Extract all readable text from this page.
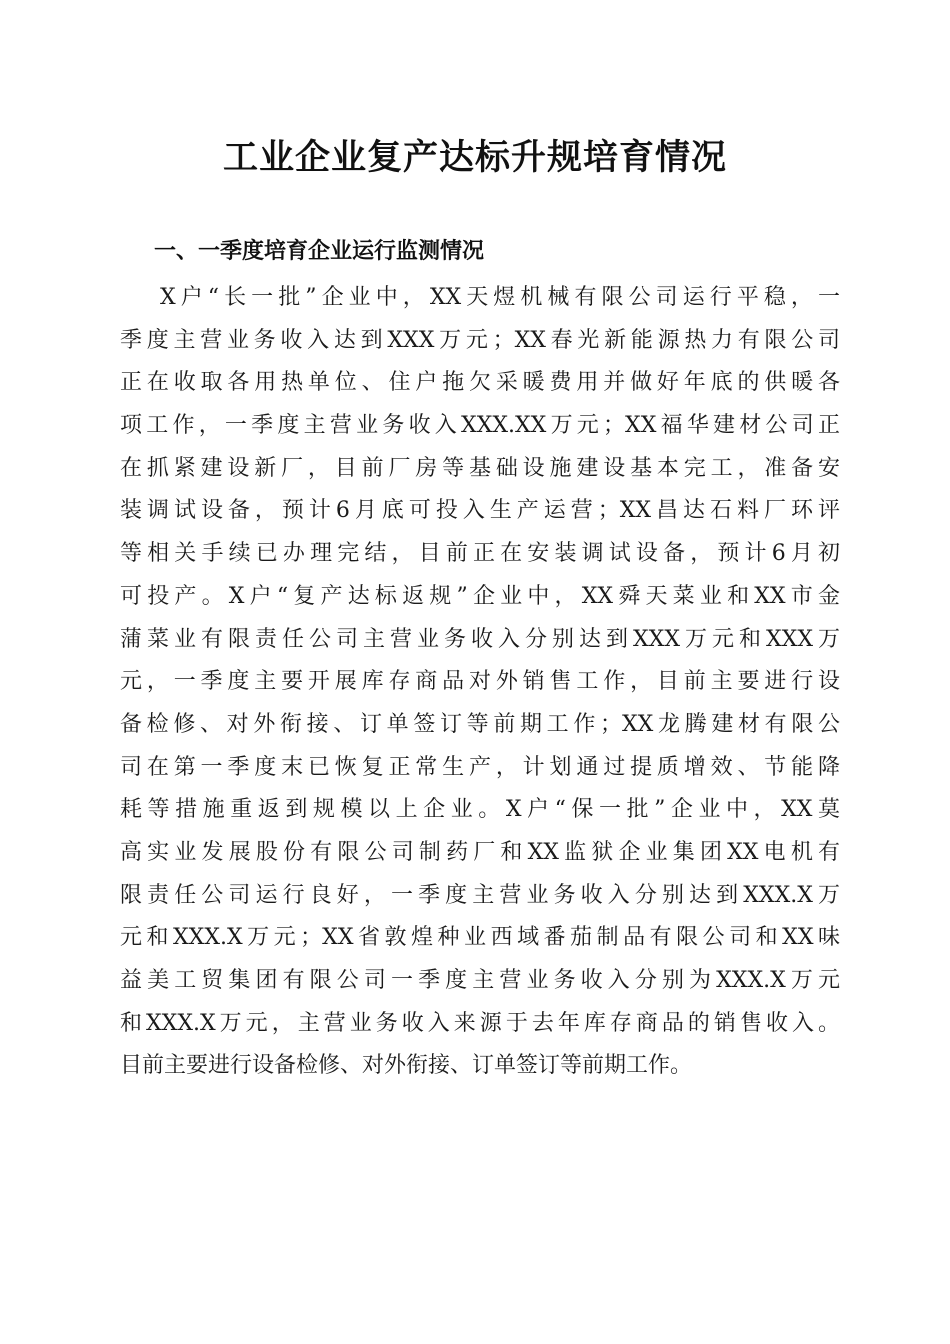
工业企业复产达标升规培育情况
一、一季度培育企业运行监测情况
X户“长一批”企业中，XX天煜机械有限公司运行平稳，一
季度主营业务收入达到XXX万元；XX春光新能源热力有限公司
正在收取各用热单位、住户拖欠采暖费用并做好年底的供暖各
项工作，一季度主营业务收入XXX.XX万元；XX福华建材公司正
在抓紧建设新厂，目前厂房等基础设施建设基本完工，准备安
装调试设备，预计6月底可投入生产运营；XX昌达石料厂环评
等相关手续已办理完结，目前正在安装调试设备，预计6月初
可投产。X户“复产达标返规”企业中，XX舜天菜业和XX市金
蒲菜业有限责任公司主营业务收入分别达到XXX万元和XXX万
元，一季度主要开展库存商品对外销售工作，目前主要进行设
备检修、对外衔接、订单签订等前期工作；XX龙腾建材有限公
司在第一季度末已恢复正常生产，计划通过提质增效、节能降
耗等措施重返到规模以上企业。X户“保一批”企业中，XX莫
高实业发展股份有限公司制药厂和XX监狱企业集团XX电机有
限责任公司运行良好，一季度主营业务收入分别达到XXX.X万
元和XXX.X万元；XX省敦煌种业西域番茄制品有限公司和XX味
益美工贸集团有限公司一季度主营业务收入分别为XXX.X万元
和XXX.X万元，主营业务收入来源于去年库存商品的销售收入。
目前主要进行设备检修、对外衔接、订单签订等前期工作。
